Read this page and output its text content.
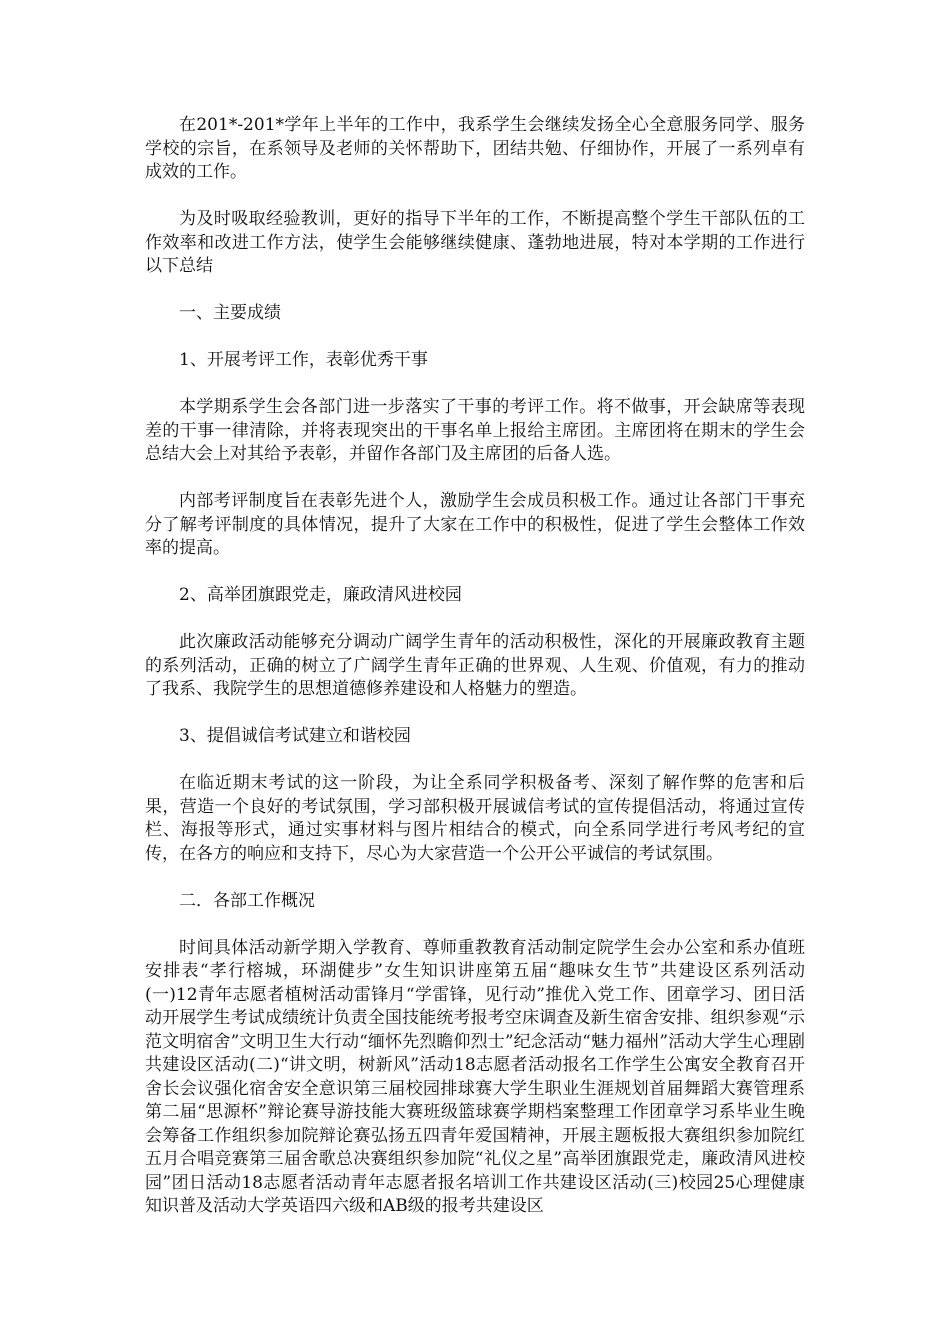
在201*-201*学年上半年的工作中，我系学生会继续发扬全心全意服务同学、服务学校的宗旨，在系领导及老师的关怀帮助下，团结共勉、仔细协作，开展了一系列卓有成效的工作。

为及时吸取经验教训，更好的指导下半年的工作，不断提高整个学生干部队伍的工作效率和改进工作方法，使学生会能够继续健康、蓬勃地进展，特对本学期的工作进行以下总结

一、主要成绩

1、开展考评工作，表彰优秀干事

本学期系学生会各部门进一步落实了干事的考评工作。将不做事，开会缺席等表现差的干事一律清除，并将表现突出的干事名单上报给主席团。主席团将在期末的学生会总结大会上对其给予表彰，并留作各部门及主席团的后备人选。

内部考评制度旨在表彰先进个人，激励学生会成员积极工作。通过让各部门干事充分了解考评制度的具体情况，提升了大家在工作中的积极性，促进了学生会整体工作效率的提高。

2、高举团旗跟党走，廉政清风进校园

此次廉政活动能够充分调动广阔学生青年的活动积极性，深化的开展廉政教育主题的系列活动，正确的树立了广阔学生青年正确的世界观、人生观、价值观，有力的推动了我系、我院学生的思想道德修养建设和人格魅力的塑造。

3、提倡诚信考试建立和谐校园

在临近期末考试的这一阶段，为让全系同学积极备考、深刻了解作弊的危害和后果，营造一个良好的考试氛围，学习部积极开展诚信考试的宣传提倡活动，将通过宣传栏、海报等形式，通过实事材料与图片相结合的模式，向全系同学进行考风考纪的宣传，在各方的响应和支持下，尽心为大家营造一个公开公平诚信的考试氛围。

二．各部工作概况

时间具体活动新学期入学教育、尊师重教教育活动制定院学生会办公室和系办值班安排表“孝行榕城，环湖健步”女生知识讲座第五届“趣味女生节”共建设区系列活动(一)12青年志愿者植树活动雷锋月“学雷锋，见行动”推优入党工作、团章学习、团日活动开展学生考试成绩统计负责全国技能统考报考空床调查及新生宿舍安排、组织参观“示范文明宿舍”文明卫生大行动“缅怀先烈瞻仰烈士”纪念活动“魅力福州”活动大学生心理剧共建设区活动(二)“讲文明，树新风”活动18志愿者活动报名工作学生公寓安全教育召开舍长会议强化宿舍安全意识第三届校园排球赛大学生职业生涯规划首届舞蹈大赛管理系第二届“思源杯”辩论赛导游技能大赛班级篮球赛学期档案整理工作团章学习系毕业生晚会筹备工作组织参加院辩论赛弘扬五四青年爱国精神，开展主题板报大赛组织参加院红五月合唱竞赛第三届舍歌总决赛组织参加院“礼仪之星”高举团旗跟党走，廉政清风进校园”团日活动18志愿者活动青年志愿者报名培训工作共建设区活动(三)校园25心理健康知识普及活动大学英语四六级和AB级的报考共建设区
